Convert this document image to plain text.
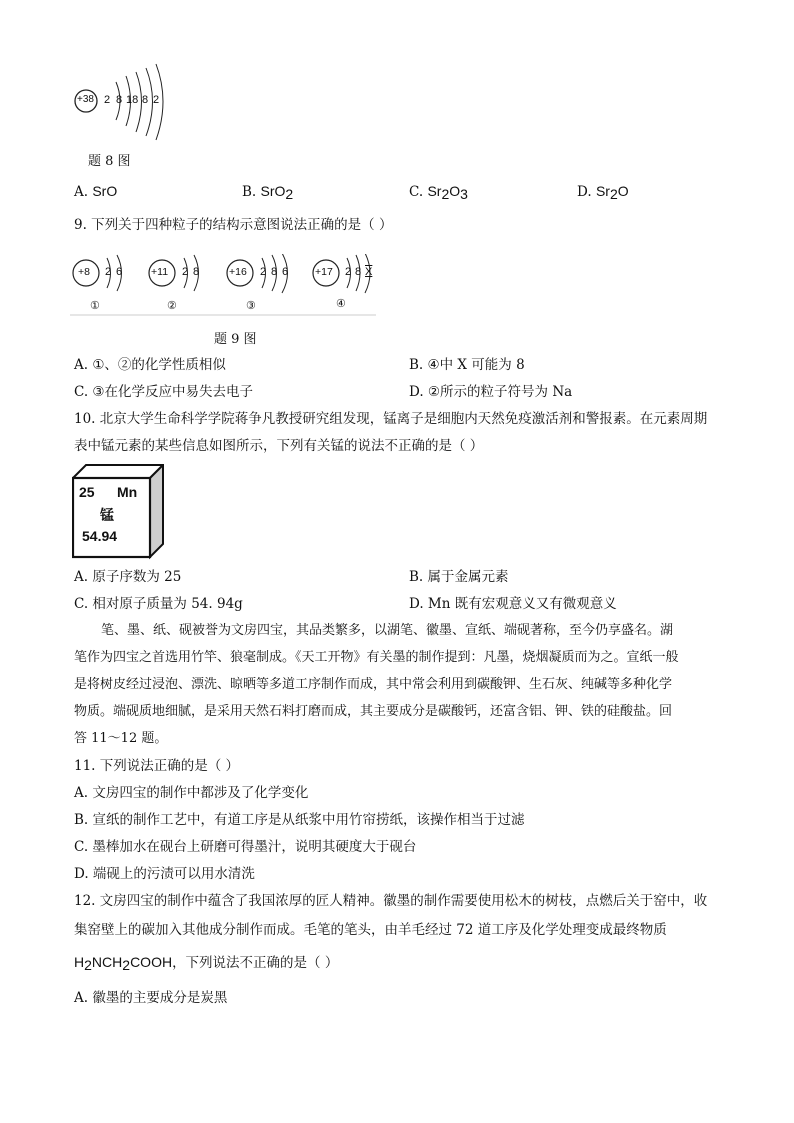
+38 2 8 18 8 2
题 8 图
A. SrO	B. SrO$_2$	C. $Sr_2O_3$	D. $Sr_2O$
9. 下列关于四种粒子的结构示意图说法正确的是（ ）
+8 2 6
①
+11 2 8
②
+16 2 8 6
③
+17 2 8 X
④
题 9 图
A. ①、②的化学性质相似	B. ④中 X 可能为 8
C. ③在化学反应中易失去电子	D. ②所示的粒子符号为 Na
10. 北京大学生命科学学院蒋争凡教授研究组发现，锰离子是细胞内天然免疫激活剂和警报素。在元素周期
表中锰元素的某些信息如图所示，下列有关锰的说法不正确的是（ ）
25 Mn
锰
54.94
A. 原子序数为 25	B. 属于金属元素
C. 相对原子质量为 54. 94g	D. Mn 既有宏观意义又有微观意义
笔、墨、纸、砚被誉为文房四宝，其品类繁多，以湖笔、徽墨、宣纸、端砚著称，至今仍享盛名。湖
笔作为四宝之首选用竹竿、狼毫制成。《天工开物》有关墨的制作提到：凡墨，烧烟凝质而为之。宣纸一般
是将树皮经过浸泡、漂洗、晾晒等多道工序制作而成，其中常会利用到碳酸钾、生石灰、纯碱等多种化学
物质。端砚质地细腻，是采用天然石料打磨而成，其主要成分是碳酸钙，还富含铝、钾、铁的硅酸盐。回
答 11～12 题。
11. 下列说法正确的是（ ）
A. 文房四宝的制作中都涉及了化学变化
B. 宣纸的制作工艺中，有道工序是从纸浆中用竹帘捞纸，该操作相当于过滤
C. 墨棒加水在砚台上研磨可得墨汁，说明其硬度大于砚台
D. 端砚上的污渍可以用水清洗
12. 文房四宝的制作中蕴含了我国浓厚的匠人精神。徽墨的制作需要使用松木的树枝，点燃后关于窑中，收
集窑壁上的碳加入其他成分制作而成。毛笔的笔头，由羊毛经过 72 道工序及化学处理变成最终物质
$H_2NCH_2COOH$，下列说法不正确的是（ ）
A. 徽墨的主要成分是炭黑
